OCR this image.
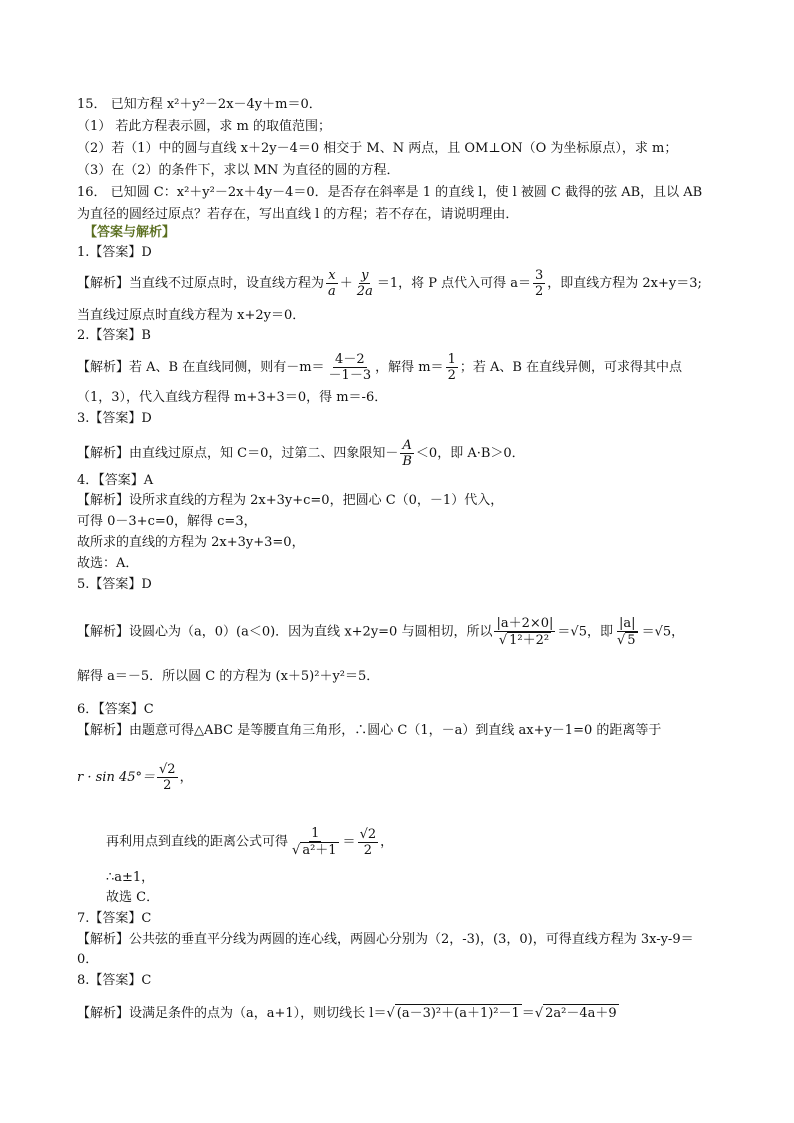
15． 已知方程 x²＋y²－2x－4y＋m＝0．
（1） 若此方程表示圆，求 m 的取值范围；
（2）若（1）中的圆与直线 x＋2y－4＝0 相交于 M、N 两点，且 OM⊥ON（O 为坐标原点），求 m；
（3）在（2）的条件下，求以 MN 为直径的圆的方程．
16． 已知圆 C：x²＋y²－2x＋4y－4＝0．是否存在斜率是 1 的直线 l，使 l 被圆 C 截得的弦 AB，且以 AB
为直径的圆经过原点？若存在，写出直线 l 的方程；若不存在，请说明理由．
【答案与解析】
1.【答案】D
【解析】当直线不过原点时，设直线方程为 $\frac{x}{a} + \frac{y}{2a} =1$，将 P 点代入可得 $a= \frac{3}{2}$ ，即直线方程为 2x+y＝3;
当直线过原点时直线方程为 x+2y＝0．
2.【答案】B
【解析】若 A、B 在直线同侧，则有$-m= \frac{4-2}{-1-3}$ ，解得 $m= \frac{1}{2}$ ；若 A、B 在直线异侧，可求得其中点
（1，3），代入直线方程得 m+3+3＝0，得 m＝-6．
3.【答案】D
【解析】由直线过原点，知 C＝0，过第二、四象限知－ $\frac{A}{B} <0$，即 A·B＞0．
4．【答案】A
【解析】设所求直线的方程为 2x+3y+c=0，把圆心 C（0，－1）代入，
可得 0－3+c=0，解得 c=3，
故所求的直线的方程为 2x+3y+3=0，
故选：A．
5.【答案】D
【解析】设圆心为（a，0）(a＜0)．因为直线 x+2y=0 与圆相切，所以 $\frac{|a+2\times 0|}{\text{√ 1²＋2²}} =√5$，即 $\frac{|a|}{√ 5} =√5$，
解得 a＝－5．所以圆 C 的方程为 (x＋5)²＋y²＝5．
6．【答案】C
【解析】由题意可得△ABC 是等腰直角三角形，∴圆心 C（1，－a）到直线 ax+y－1=0 的距离等于
$r \cdot \sin 45^\circ= \frac{√2}{2}$ ，
再利用点到直线的距离公式可得 $\frac{1}{\text{√ a²＋1}} = \frac{√2}{2}$ ，
∴a±1，
故选 C．
7.【答案】C
【解析】公共弦的垂直平分线为两圆的连心线，两圆心分别为（2，-3)，(3，0)，可得直线方程为 3x-y-9＝
0．
8.【答案】C
【解析】设满足条件的点为（a，a+1），则切线长 l＝√ (a－3)²＋(a＋1)²－1 ＝√ 2a²－4a＋9
